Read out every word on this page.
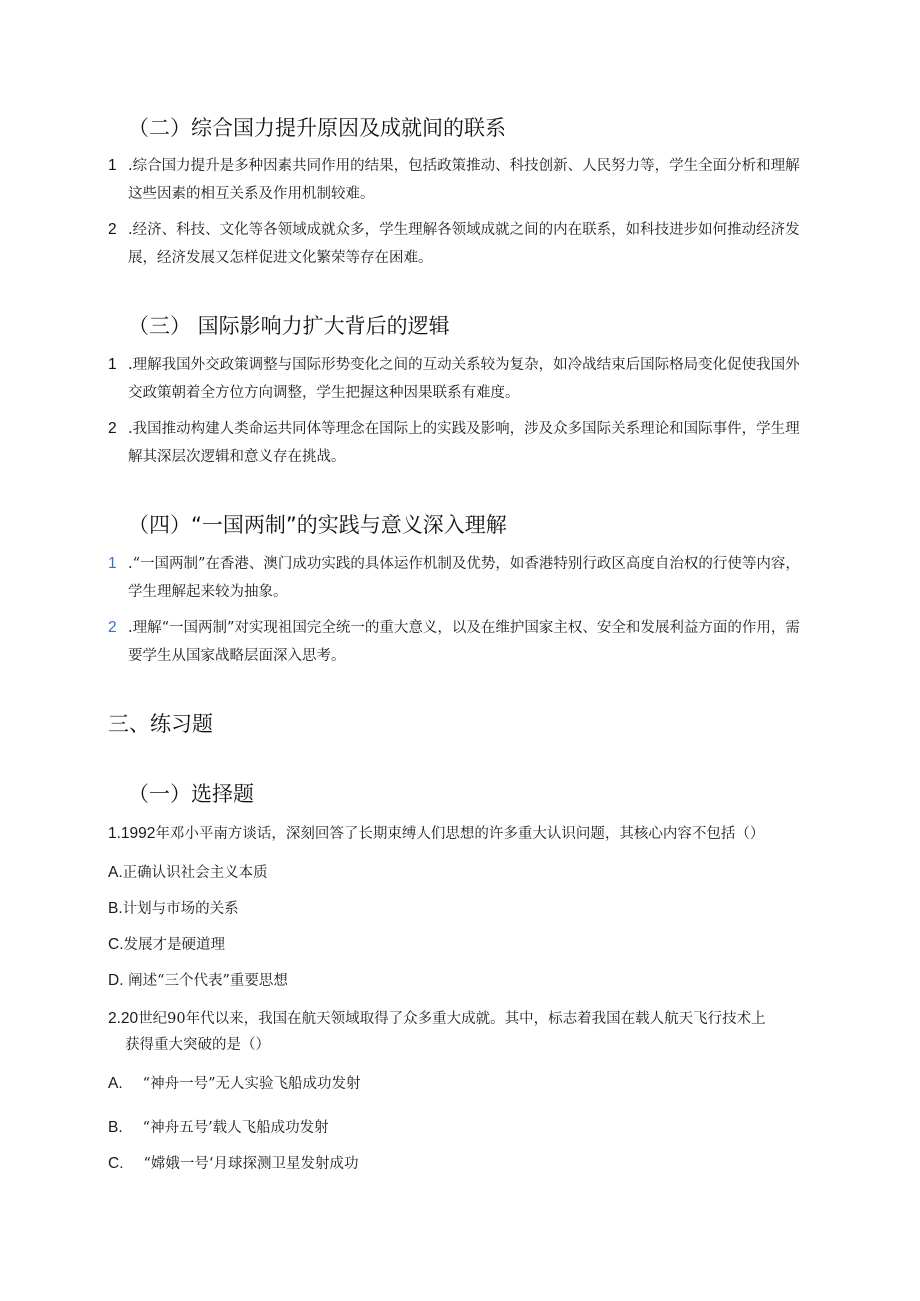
（二）综合国力提升原因及成就间的联系
1 .综合国力提升是多种因素共同作用的结果，包括政策推动、科技创新、人民努力等，学生全面分析和理解这些因素的相互关系及作用机制较难。
2 .经济、科技、文化等各领域成就众多，学生理解各领域成就之间的内在联系，如科技进步如何推动经济发展，经济发展又怎样促进文化繁荣等存在困难。
（三） 国际影响力扩大背后的逻辑
1 .理解我国外交政策调整与国际形势变化之间的互动关系较为复杂，如冷战结束后国际格局变化促使我国外交政策朝着全方位方向调整，学生把握这种因果联系有难度。
2 .我国推动构建人类命运共同体等理念在国际上的实践及影响，涉及众多国际关系理论和国际事件，学生理解其深层次逻辑和意义存在挑战。
（四）“一国两制”的实践与意义深入理解
1 .“一国两制”在香港、澳门成功实践的具体运作机制及优势，如香港特别行政区高度自治权的行使等内容，学生理解起来较为抽象。
2 .理解“一国两制”对实现祖国完全统一的重大意义，以及在维护国家主权、安全和发展利益方面的作用，需要学生从国家战略层面深入思考。
三、练习题
（一）选择题
1.1992年邓小平南方谈话，深刻回答了长期束缚人们思想的许多重大认识问题，其核心内容不包括（）
A.正确认识社会主义本质
B.计划与市场的关系
C.发展才是硬道理
D. 阐述“三个代表”重要思想
2.20世纪90年代以来，我国在航天领域取得了众多重大成就。其中，标志着我国在载人航天飞行技术上
获得重大突破的是（）
A. “神舟一号”无人实验飞船成功发射
B. “神舟五号’载人飞船成功发射
C. “嫦娥一号‘月球探测卫星发射成功
